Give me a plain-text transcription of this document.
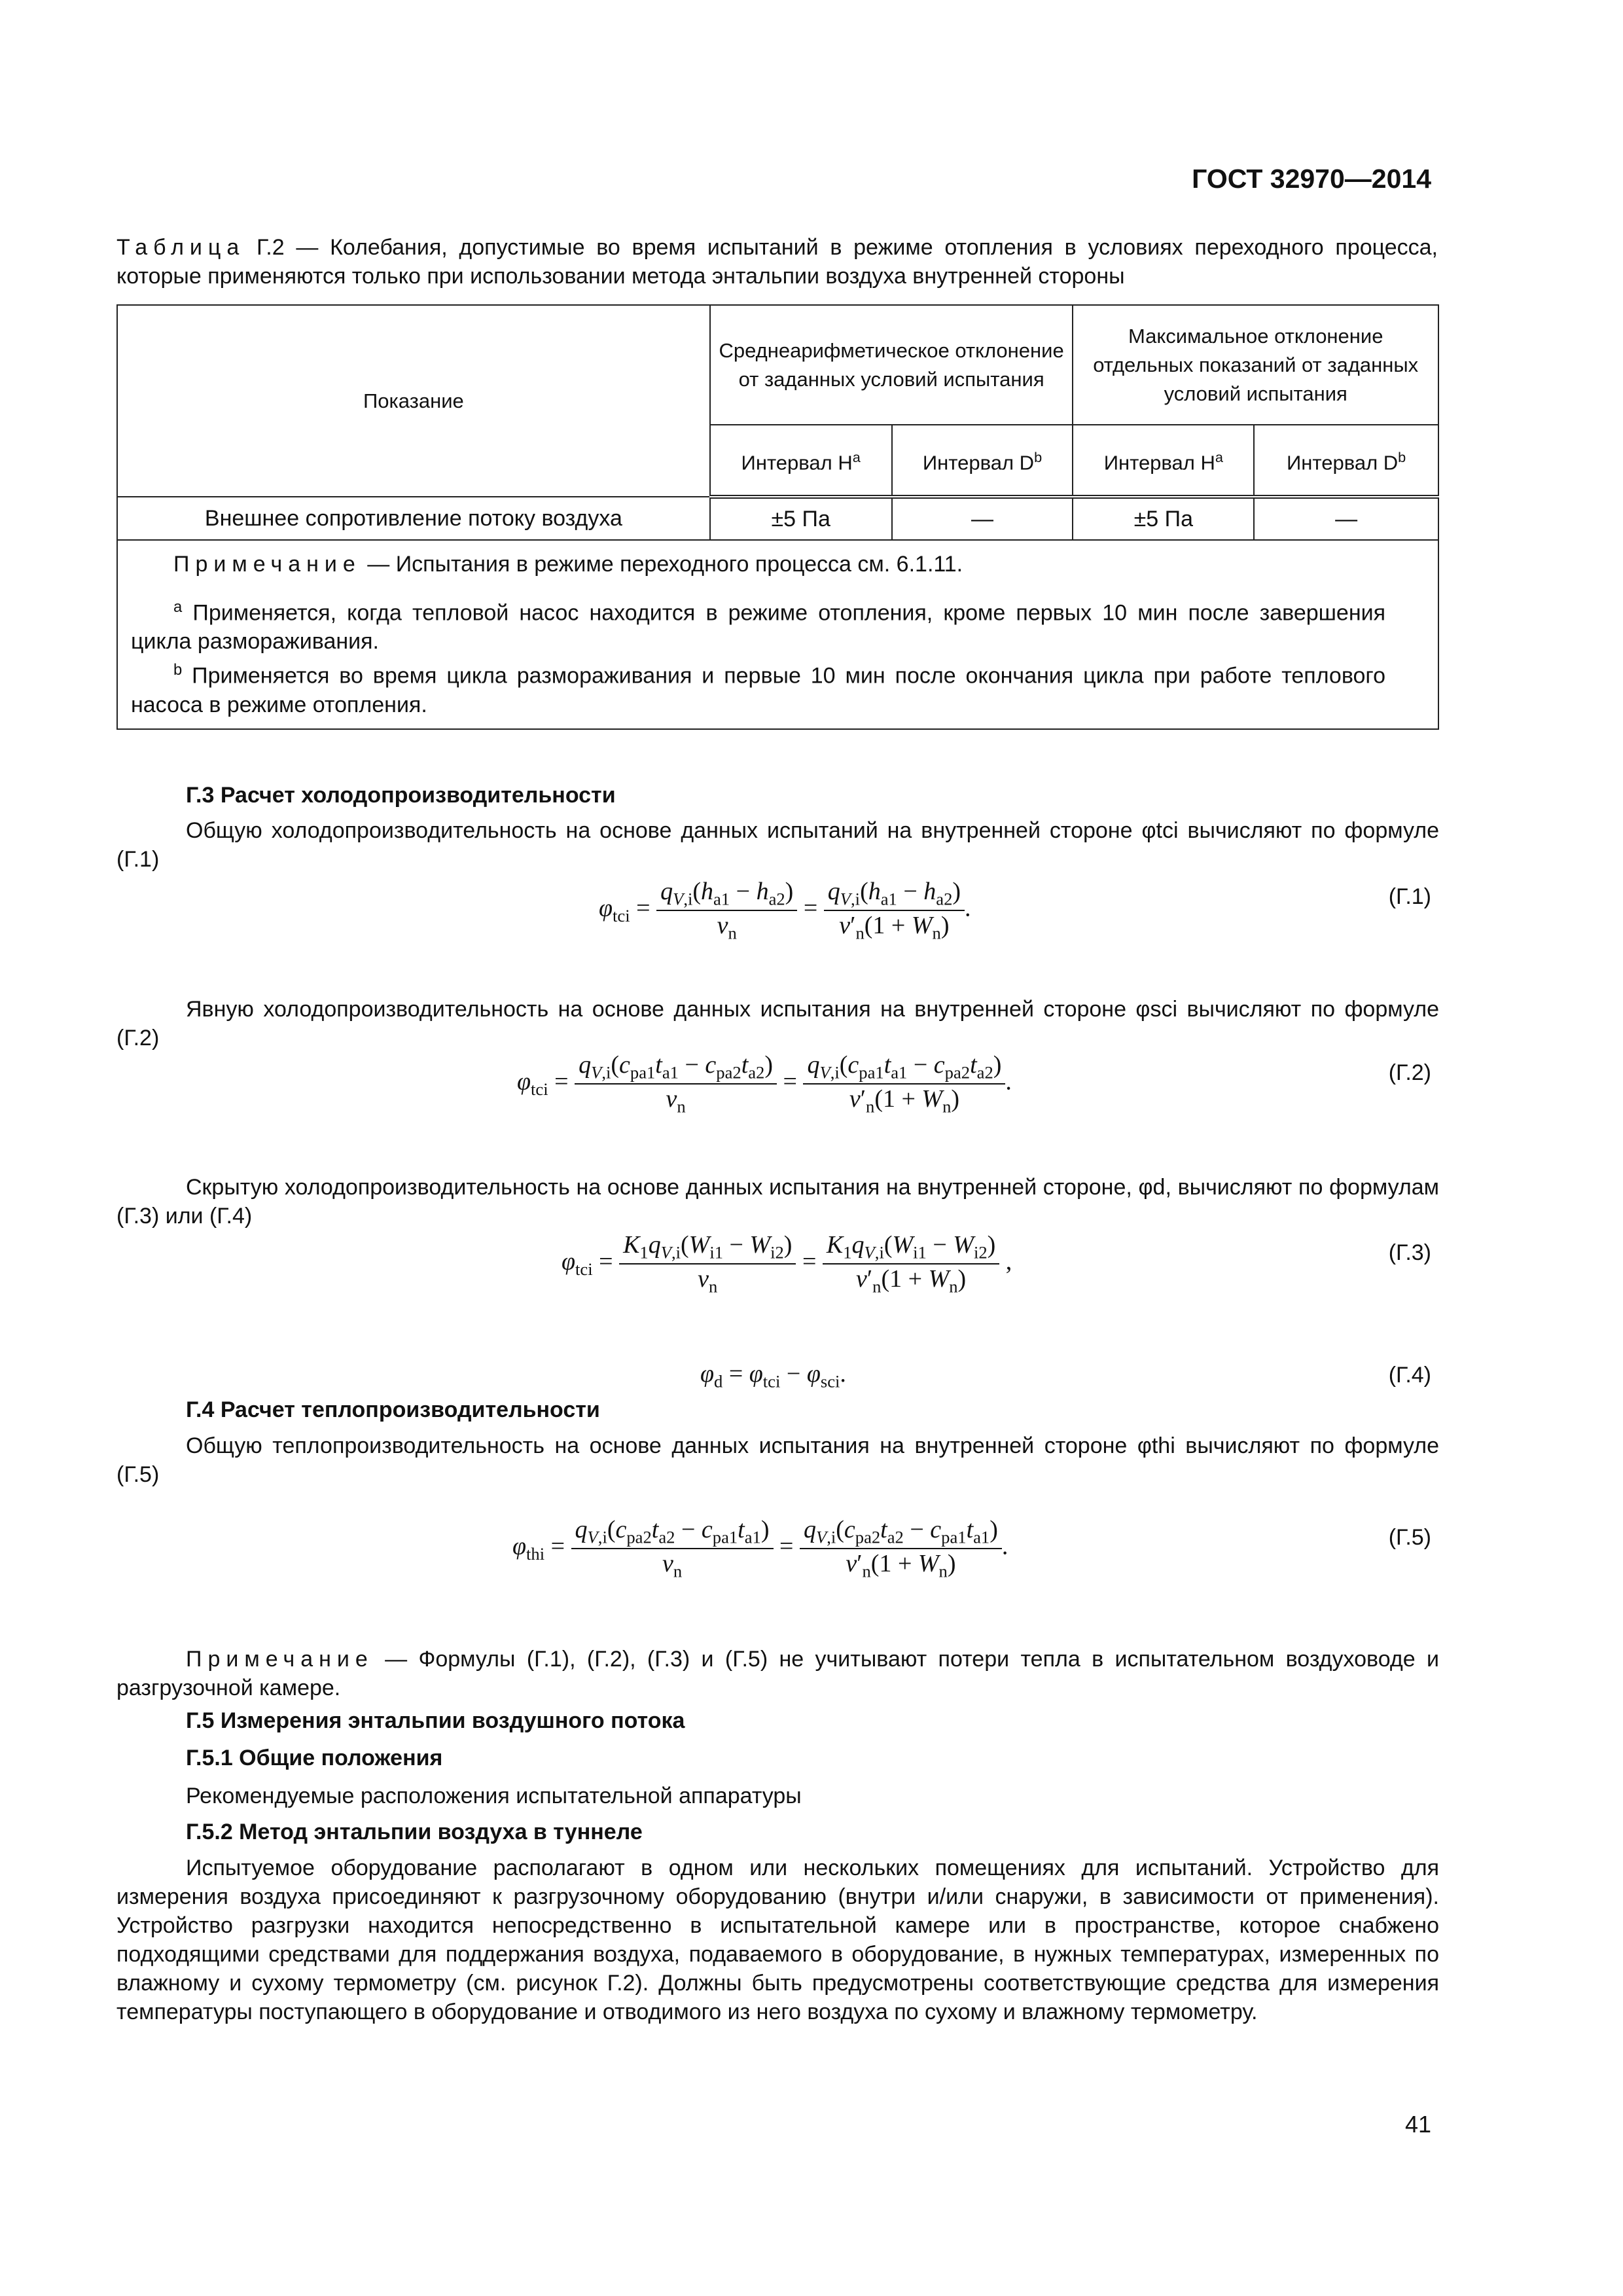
ГОСТ 32970—2014
Таблица Г.2 — Колебания, допустимые во время испытаний в режиме отопления в условиях переходного процесса, которые применяются только при использовании метода энтальпии воздуха внутренней стороны
Показание	Среднеарифметическое отклонение от заданных условий испытания		Максимальное отклонение отдельных показаний от заданных условий испытания	
	Интервал $H^a$	Интервал $D^b$	Интервал $H^a$	Интервал $D^b$
Внешнее сопротивление потоку воздуха	±5 Па	—	±5 Па	—

Примечание — Испытания в режиме переходного процесса см. 6.1.11.
$^a$ Применяется, когда тепловой насос находится в режиме отопления, кроме первых 10 мин после завершения цикла размораживания.
$^b$ Применяется во время цикла размораживания и первые 10 мин после окончания цикла при работе теплового насоса в режиме отопления.				
Г.3 Расчет холодопроизводительности
Общую холодопроизводительность на основе данных испытаний на внутренней стороне φtci вычисляют по формуле (Г.1)
$\varphi_{tci} = \frac{q_{V,i}(h_{a1} - h_{a2})}{v_n} = \frac{q_{V,i}(h_{a1} - h_{a2})}{v'_n(1 + W_n)}$ .	(Г.1)
Явную холодопроизводительность на основе данных испытания на внутренней стороне φsci вычисляют по формуле (Г.2)
$\varphi_{tci} = \frac{q_{V,i}(c_{pa1}t_{a1} - c_{pa2}t_{a2})}{v_n} = \frac{q_{V,i}(c_{pa1}t_{a1} - c_{pa2}t_{a2})}{v'_n(1 + W_n)}$ .	(Г.2)
Скрытую холодопроизводительность на основе данных испытания на внутренней стороне, φd, вычисляют по формулам (Г.3) или (Г.4)
$\varphi_{tci} = \frac{K_1q_{V,i}(W_{i1} - W_{i2})}{v_n} = \frac{K_1q_{V,i}(W_{i1} - W_{i2})}{v'_n(1 + W_n)}$ ,	(Г.3)
$\varphi_d = \varphi_{tci} - \varphi_{sci}$.	(Г.4)
Г.4 Расчет теплопроизводительности
Общую теплопроизводительность на основе данных испытания на внутренней стороне φthi вычисляют по формуле (Г.5)
$\varphi_{thi} = \frac{q_{V,i}(c_{pa2}t_{a2} - c_{pa1}t_{a1})}{v_n} = \frac{q_{V,i}(c_{pa2}t_{a2} - c_{pa1}t_{a1})}{v'_n(1 + W_n)}$ .	(Г.5)
Примечание — Формулы (Г.1), (Г.2), (Г.3) и (Г.5) не учитывают потери тепла в испытательном воздуховоде и разгрузочной камере.
Г.5 Измерения энтальпии воздушного потока
Г.5.1 Общие положения
Рекомендуемые расположения испытательной аппаратуры
Г.5.2 Метод энтальпии воздуха в туннеле
Испытуемое оборудование располагают в одном или нескольких помещениях для испытаний. Устройство для измерения воздуха присоединяют к разгрузочному оборудованию (внутри и/или снаружи, в зависимости от применения). Устройство разгрузки находится непосредственно в испытательной камере или в пространстве, которое снабжено подходящими средствами для поддержания воздуха, подаваемого в оборудование, в нужных температурах, измеренных по влажному и сухому термометру (см. рисунок Г.2). Должны быть предусмотрены соответствующие средства для измерения температуры поступающего в оборудование и отводимого из него воздуха по сухому и влажному термометру.
41
